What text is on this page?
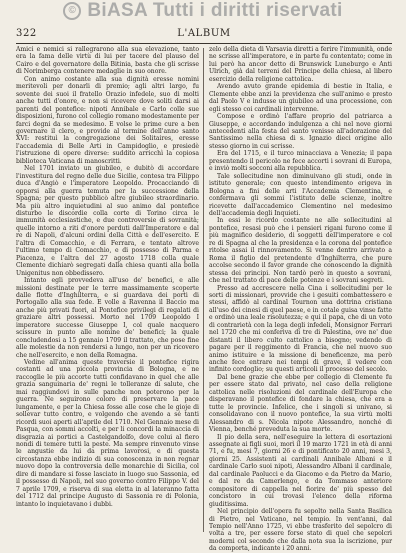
© BiASA Tutti i diritti riservati
322	L'ALBUM

Amici e nemici si rallegrarono alla sua elevazione, tanto era la fama delle virtù di lui per tacere del plauso del Cairo e del governatore della Bitinia, basta che gli scrisse di Norimberga contenere medaglie in suo onore.

Con animo costante alla sua dignità eresse nomini meritevoli per donarli di premio; agli altri largo, fu sovente dei suoi il fratello Orazio infedele, suo di molti anche tutti d'onore, e non si ricevere dove soliti darsi ai parenti del pontefice: nipoti Annibale e Carlo colle sue disposizioni, furono col collegio romano modestamente per farci degni da se medesimo. E volse le prime cure a ben governare il clero, e provide al termine dell'anno santo XVI: restituì la congregazione dei Solitaires, eresse l'accademia di Belle Arti in Campidoglio, e presiedè l'istruzione di opere diverse: suddito arricchì la copiosa biblioteca Vaticana di manoscritti.

Nel 1701 inviato un giubileo, e dubitò di accordare l'investitura del regno delle due Sicilie, contesa tra Filippo duca d'Angiò e l'imperatore Leopoldo. Procacciando di opporsi alla guerra temuta per la successione della Spagna; per questo pubblicò altre giubileo straordinario. Ma più altro inquietudini al suo animo dal pontefice disturbo le discordie colla corte di Torino circa le immunità ecclesiastiche, e due controversie di sovranità; quelle intorno a riti d'onore perduti dall'Imperatore e dal re di Napoli, d'alcuni ordini della Città e dell'esercito. E l'altra di Comacchio, e di Ferrara, e tentato altrove l'ultimo tempo di Comacchio, e di possesso di Parma e Piacenza, e l'altra del 27 agosto 1718 colla quale Clemente dichiarò segregati dalla chiesa quanti alla bolla Unigenitus non obbedissero.

Intanto egli provvedeva all'uso de' benefici, e alle missioni destinate per le terre massimamente scoperte dalle flotte d'Inghilterra, e si guardava dei porti di Portogallo alla sua fede. E volle a Ravenna il Baccio ma anche più privati fuori, al Pontefice privilegi di regalati di graziare altri possessi. Morto nel 1709 Leopoldo I imperatore successe Giuseppe I, col quale nacquero scissure in punto alle nomine de' benefici; la quale concludendosi a 15 gennaio 1709 il trattato, che pose fine alle molestie da non rendersi a lungo, non per un ricovero che nell'esercito, e non della Romagna.

Vedine all'anima queste traversie il pontefice rigira costanti ad una piccola provincia di Bologna, e ne raccoglie le più accorte tutti confidavano in quel che alle grazia sanguinaria de' regni le tolleranze di salute, che mai raggiundovi in sulle panche non poterono per la guerra. Ne seguirono coloro di preservare la pace lungamente, e per la Chiesa fosse alle cose che le gioje di sollevar tutto contro, e volgendo che avendo a sé tanti ricordi suoi aperti all'aprile del 1710. Nel Gennaio mese di Pasqua, con sommi accolti, e per li concordi la minaccia di disgrazia ai portici a Castelgandolfo, dove colui al fiero nondi di temere tutti la peste. Ma sempre rinvenuto vinse le angustie da lui da prima lavorosi, e di questa circostanza ebbe indizio di sua conoscenza in non regnar nuovo dopo la controversia delle monarchie di Sicilia, col dire di mandare si fosse lasciato in luogo suo Sassonia, ed il possesso di Napoli, nel suo governo contro Filippo V. del 7 aprile 1709, e riserva di sua eletta in al lateranno fatta del 1712 dal principe Augusto di Sassonia re di Polonia, intanto lo inquietavano i dubbi.

zelo della dieta di Varsavia diretti a ferire l'immunità, onde ne scrisse all'imperatore, e in parte fu contentato; come in lui però ha ancor detto di Brunswick Luneburgo e Anti Ulrich, già dal terreni del Principe della chiesa, al libero esercizio della religione cattolica.

Avendo avuto grande epidemia di bestie in Italia, e Clemente ebbe anzi la previdenza che sull'animo e presto dal Paolo V e indusse un giubileo ad una processione, con egli stesso coi cardinali intervenne.

Compose e ordinò l'affare proprio del patriarca a Giuseppe, e accordando indulgenza a chi nel nove giorni antecedenti alla festa del santo venisse all'adorazione del Santissimo nella chiesa di s. Ignazio dieci origine allo stesso giorno in cui scrisse.

Era del 1715, e il turco minacciava a Venezia; il papa presentendo il pericolo ne fece accorti i sovrani di Europa, e inviò molti socconi alla repubblica.

Tale sollecitudine non diminuivano gli studi, onde in istituto generale; con questo intendimento erigeva in Bologna a fini delle arti l'Accademia Clementina, e confermava gli sommi l'istituto delle scienze, inoltre ricevette dall'accademico Clementino nel medesimo dell'accademia degli Inquieti.

In essi le ricordo costante ne alle sollecitudini al pontefice, resasi può che i pensieri rigani furono come il più magnifico desiderio, di soggetti dell'imperatore e col re di Spagna al che la presidenza e la corona del pontefice ritolse assai il rinnovamento. Si venne dentro arrivato a Roma il figlio del pretendente d'Inghilterra, che pure accolse secondo il favor grande che conoscendo la dignità stessa dei principi. Non tardò però in questo a sovrani, che nel trattato di pace delle potenze e i sovrani segreti.

Presso ad accrescere nella Cina i sollecitudini per le sorti di missionari, provvide che i gesuiti combattessero e stessi, affidò al cardinal Tournon una dottrina cristiana all'uso dei cinesi di quel paese, e in cotale guisa vinse fatte e ordinò una leale risolutezza; e qui il papa, che di un voto di contrarietà con la lega degli infedeli, Monsignor Ferrari nel 1720 che mi conferiva di tre di Palestina, ove ne' due distanti il libero culto cattolico a bisogno; vedendo di pagare per il reggimento di Francia, che nel nuovo suo animo istituire e la missione di beneficenze, ma però anche fece entrare nei tempi di grave, il vedere con infinito cordoglio; su questi articoli il processo del secolo.

Dal bene grazie che ebbe per collegio di Clemente fu per essere stato dal privato, nel caso della religione cattolica nelle risoluzioni del cardinale dell'Europa che disperavano il pontefice di fondare la chiesa, che era a tutte le provincie. Infelice, che i singoli si univano, si consolidavano con il nuovo pontefice, la sua virtù molti Alessandro di s. Nicola nipote Alessandro, nonché di Vienna, benché preveduta la sua morte.

Il pio della sera, nell'eseguire la lettera di esortazioni assegnate ai figli suoi, morì il 19 marzo 1721 in età di anni 71, e fu, mesi 7, giorni 26 e di pontificato 20 anni, mesi 3, giorni 25. Assistenti ai cardinali Annibale Albani e il cardinale Carlo suoi nipoti, Alessandro Albani il cardinale, dal cardinale Paolucci e da Giacomo e da Pietro da Mario, e dal re da Camerlengo, e da Tommaso anteriore compositore di cappella nel fiorire de' più spesso del concistoro in cui trovasi l'elenco della riforma giuditissima.

Nel principio dell'opera fu sepolto nella Santa Basilica di Pietro, nel Vaticano, nel tempio. In vent'anni, dal Tempio nell'Anno 1725, vi ebbe trasferito del sepolcro di volta a tre, per essere forse stato di quel che sepolcri moderni col secondo che dalla nota sua la iscrizione, pur da comporta, indicante i 20 anni.
